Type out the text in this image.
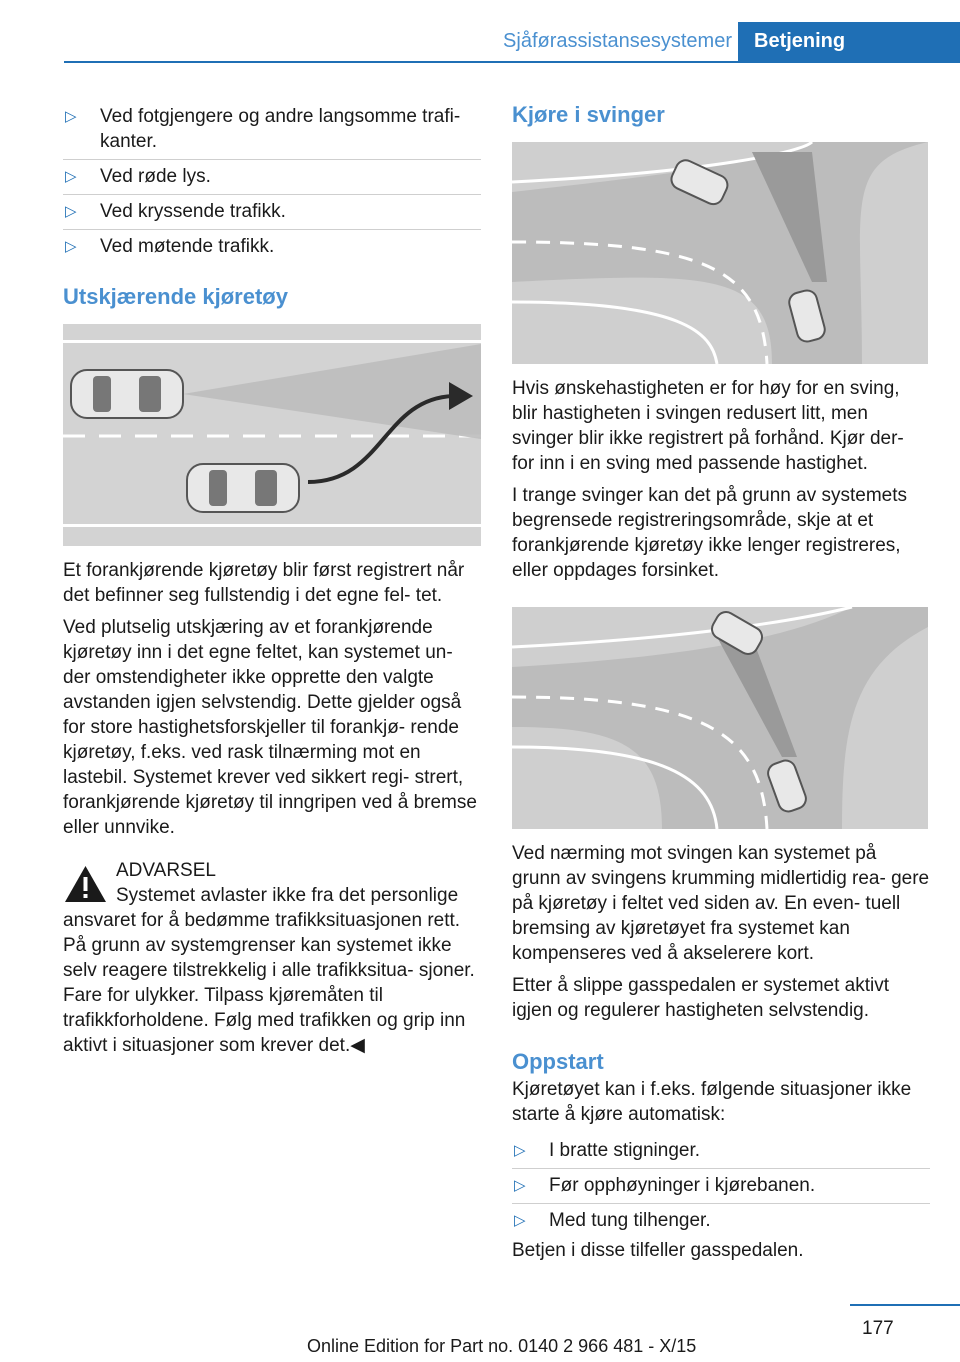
Sjåførassistansesystemer	Betjening
▷	Ved fotgjengere og andre langsomme trafi- kanter.
▷	Ved røde lys.
▷	Ved kryssende trafikk.
▷	Ved møtende trafikk.
Utskjærende kjøretøy

Et forankjørende kjøretøy blir først registrert når det befinner seg fullstendig i det egne fel- tet.

Ved plutselig utskjæring av et forankjørende kjøretøy inn i det egne feltet, kan systemet un- der omstendigheter ikke opprette den valgte avstanden igjen selvstendig. Dette gjelder også for store hastighetsforskjeller til forankjø- rende kjøretøy, f.eks. ved rask tilnærming mot en lastebil. Systemet krever ved sikkert regi- strert, forankjørende kjøretøy til inngripen ved å bremse eller unnvike.

ADVARSEL

Systemet avlaster ikke fra det personlige ansvaret for å bedømme trafikksituasjonen rett. På grunn av systemgrenser kan systemet ikke selv reagere tilstrekkelig i alle trafikksitua- sjoner. Fare for ulykker. Tilpass kjøremåten til trafikkforholdene. Følg med trafikken og grip inn aktivt i situasjoner som krever det.◀

Kjøre i svinger

Hvis ønskehastigheten er for høy for en sving, blir hastigheten i svingen redusert litt, men svinger blir ikke registrert på forhånd. Kjør der- for inn i en sving med passende hastighet.

I trange svinger kan det på grunn av systemets begrensede registreringsområde, skje at et forankjørende kjøretøy ikke lenger registreres, eller oppdages forsinket.

Ved nærming mot svingen kan systemet på grunn av svingens krumming midlertidig rea- gere på kjøretøy i feltet ved siden av. En even- tuell bremsing av kjøretøyet fra systemet kan kompenseres ved å akselerere kort.

Etter å slippe gasspedalen er systemet aktivt igjen og regulerer hastigheten selvstendig.

Oppstart

Kjøretøyet kan i f.eks. følgende situasjoner ikke starte å kjøre automatisk:

▷	I bratte stigninger.
▷	Før opphøyninger i kjørebanen.
▷	Med tung tilhenger.

Betjen i disse tilfeller gasspedalen.

177
Online Edition for Part no. 0140 2 966 481 - X/15
